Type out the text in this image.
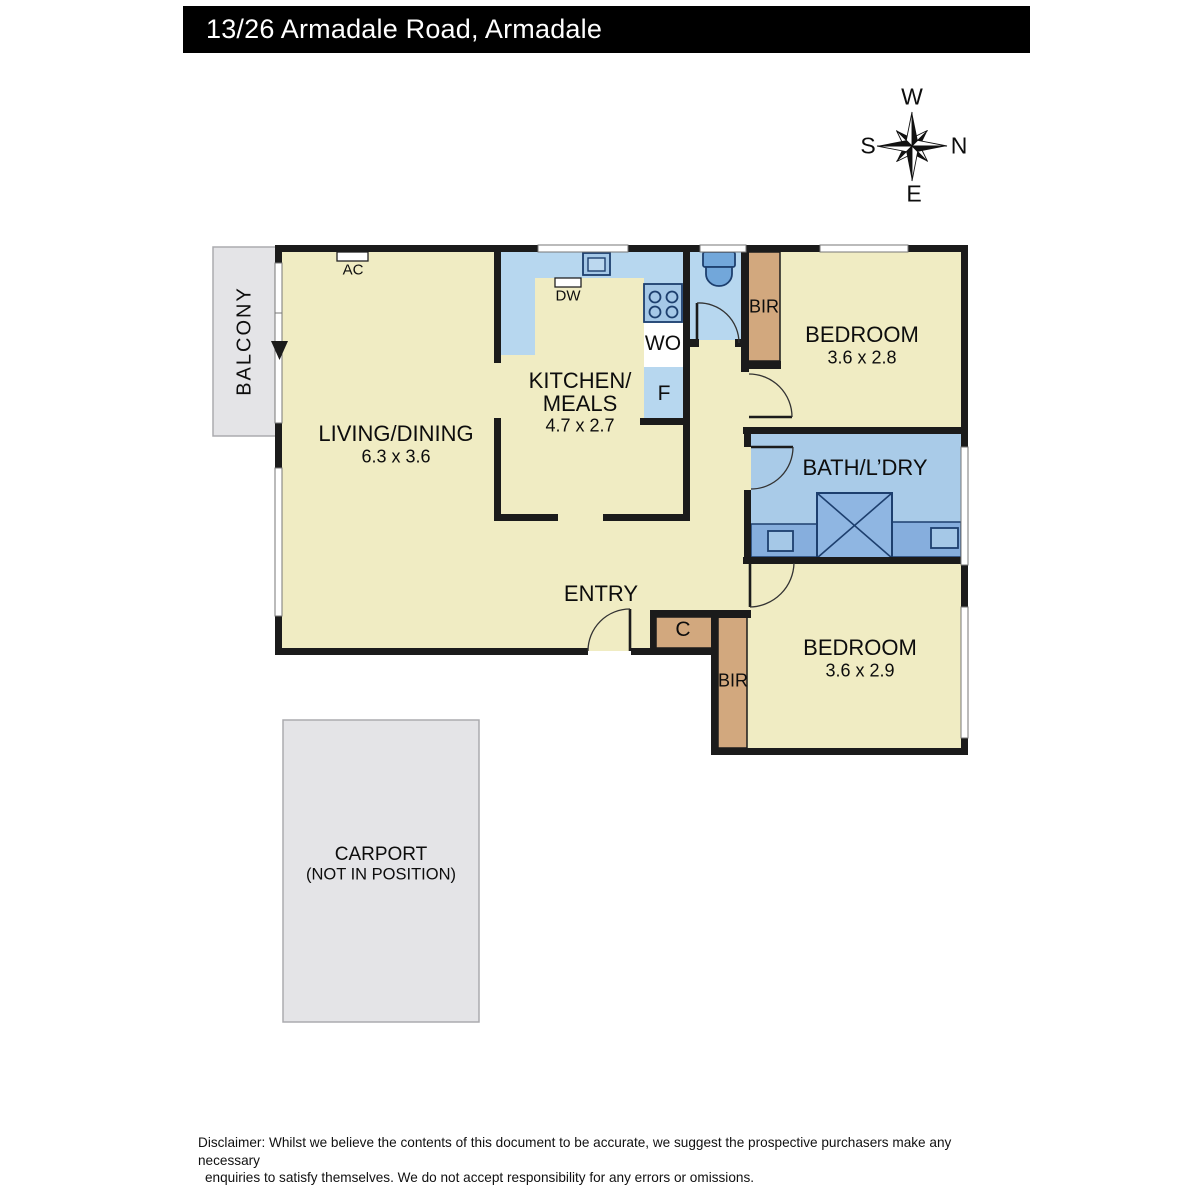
13/26 Armadale Road, Armadale
W
S	N
E
LIVING/DINING
6.3 x 3.6
KITCHEN/
MEALS
4.7 x 2.7
BEDROOM
3.6 x 2.8
BATH/L’DRY
BEDROOM
3.6 x 2.9
ENTRY
BALCONY
CARPORT
(NOT IN POSITION)
AC
DW
WO
F
BIR
BIR
C
Disclaimer: Whilst we believe the contents of this document to be accurate, we suggest the prospective purchasers make any necessary
enquiries to satisfy themselves. We do not accept responsibility for any errors or omissions.
